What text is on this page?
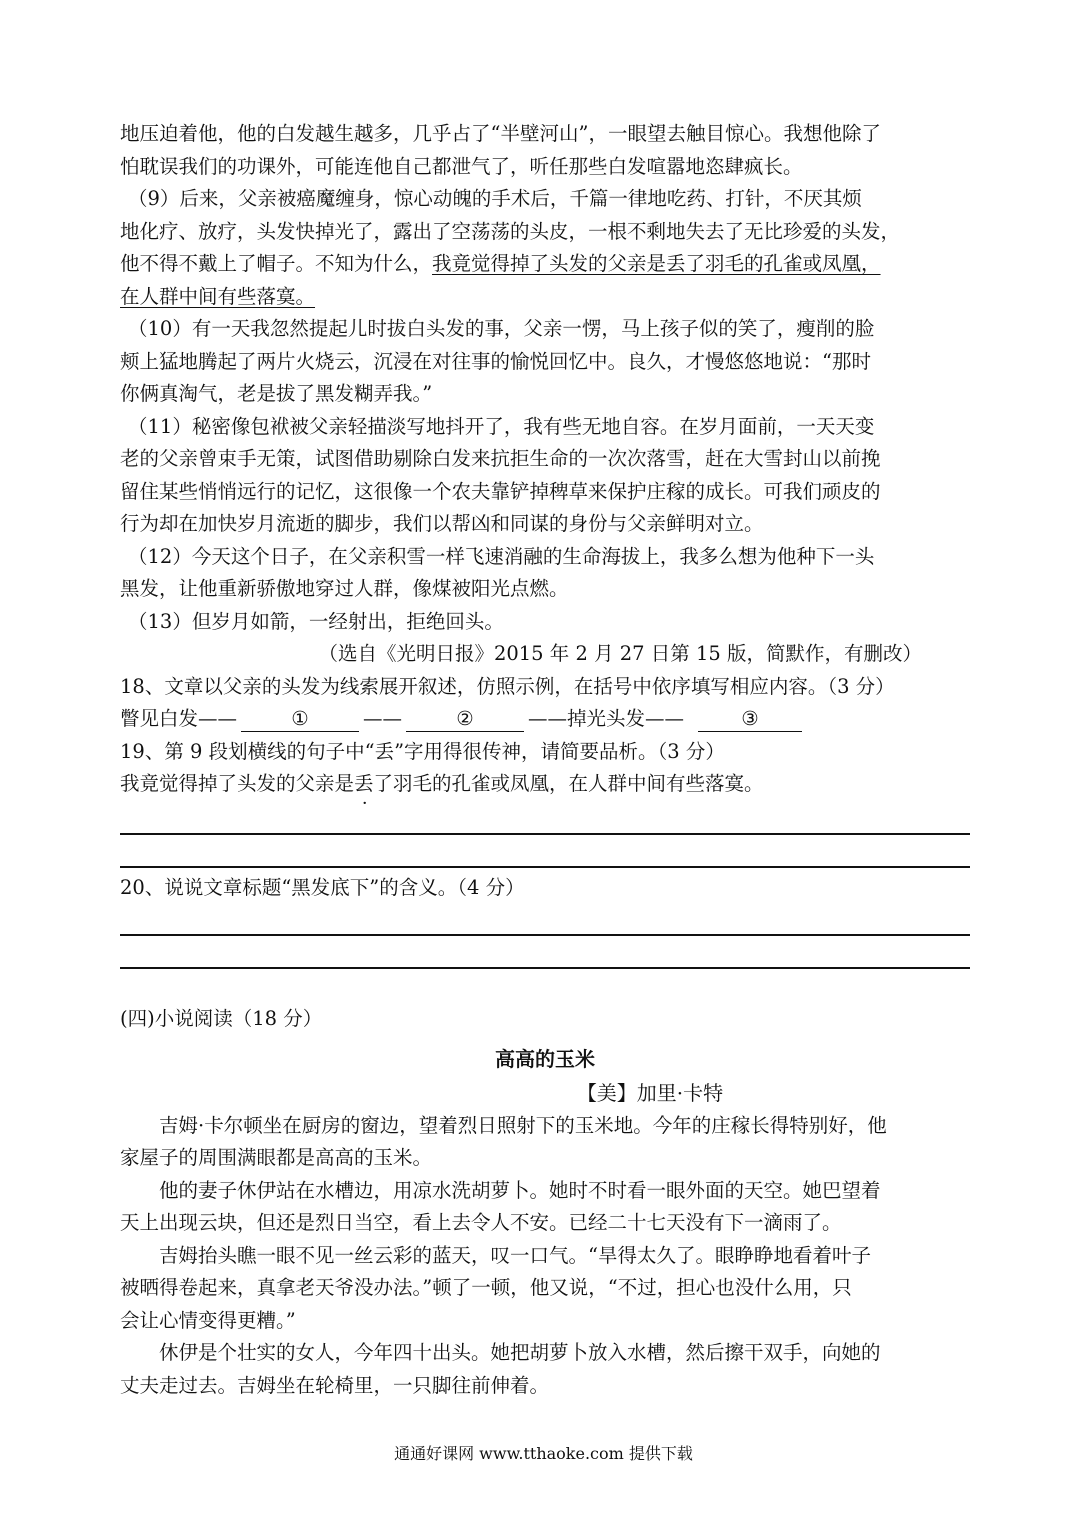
地压迫着他，他的白发越生越多，几乎占了“半壁河山”，一眼望去触目惊心。我想他除了

怕耽误我们的功课外，可能连他自己都泄气了，听任那些白发喧嚣地恣肆疯长。

（9）后来，父亲被癌魔缠身，惊心动魄的手术后，千篇一律地吃药、打针，不厌其烦

地化疗、放疗，头发快掉光了，露出了空荡荡的头皮，一根不剩地失去了无比珍爱的头发，

他不得不戴上了帽子。不知为什么，我竟觉得掉了头发的父亲是丢了羽毛的孔雀或凤凰，

在人群中间有些落寞。

（10）有一天我忽然提起儿时拔白头发的事，父亲一愣，马上孩子似的笑了，瘦削的脸

颊上猛地腾起了两片火烧云，沉浸在对往事的愉悦回忆中。良久，才慢悠悠地说：“那时

你俩真淘气，老是拔了黑发糊弄我。”

（11）秘密像包袱被父亲轻描淡写地抖开了，我有些无地自容。在岁月面前，一天天变

老的父亲曾束手无策，试图借助剔除白发来抗拒生命的一次次落雪，赶在大雪封山以前挽

留住某些悄悄远行的记忆，这很像一个农夫靠铲掉稗草来保护庄稼的成长。可我们顽皮的

行为却在加快岁月流逝的脚步，我们以帮凶和同谋的身份与父亲鲜明对立。

（12）今天这个日子，在父亲积雪一样飞速消融的生命海拔上，我多么想为他种下一头

黑发，让他重新骄傲地穿过人群，像煤被阳光点燃。

（13）但岁月如箭，一经射出，拒绝回头。

（选自《光明日报》2015 年 2 月 27 日第 15 版，简默作，有删改）

18、文章以父亲的头发为线索展开叙述，仿照示例，在括号中依序填写相应内容。（3 分）

瞥见白发——	①	——	②	——掉光头发——	③

19、第 9 段划横线的句子中“丢”字用得很传神，请简要品析。（3 分）

我竟觉得掉了头发的父亲是丢了羽毛的孔雀或凤凰，在人群中间有些落寞。

20、说说文章标题“黑发底下”的含义。（4 分）

(四)小说阅读（18 分）

高高的玉米

【美】加里·卡特

吉姆·卡尔顿坐在厨房的窗边，望着烈日照射下的玉米地。今年的庄稼长得特别好，他

家屋子的周围满眼都是高高的玉米。

他的妻子休伊站在水槽边，用凉水洗胡萝卜。她时不时看一眼外面的天空。她巴望着

天上出现云块，但还是烈日当空，看上去令人不安。已经二十七天没有下一滴雨了。

吉姆抬头瞧一眼不见一丝云彩的蓝天，叹一口气。“旱得太久了。眼睁睁地看着叶子

被晒得卷起来，真拿老天爷没办法。”顿了一顿，他又说，“不过，担心也没什么用，只

会让心情变得更糟。”

休伊是个壮实的女人，今年四十出头。她把胡萝卜放入水槽，然后擦干双手，向她的

丈夫走过去。吉姆坐在轮椅里，一只脚往前伸着。

通通好课网 www.tthaoke.com 提供下载
